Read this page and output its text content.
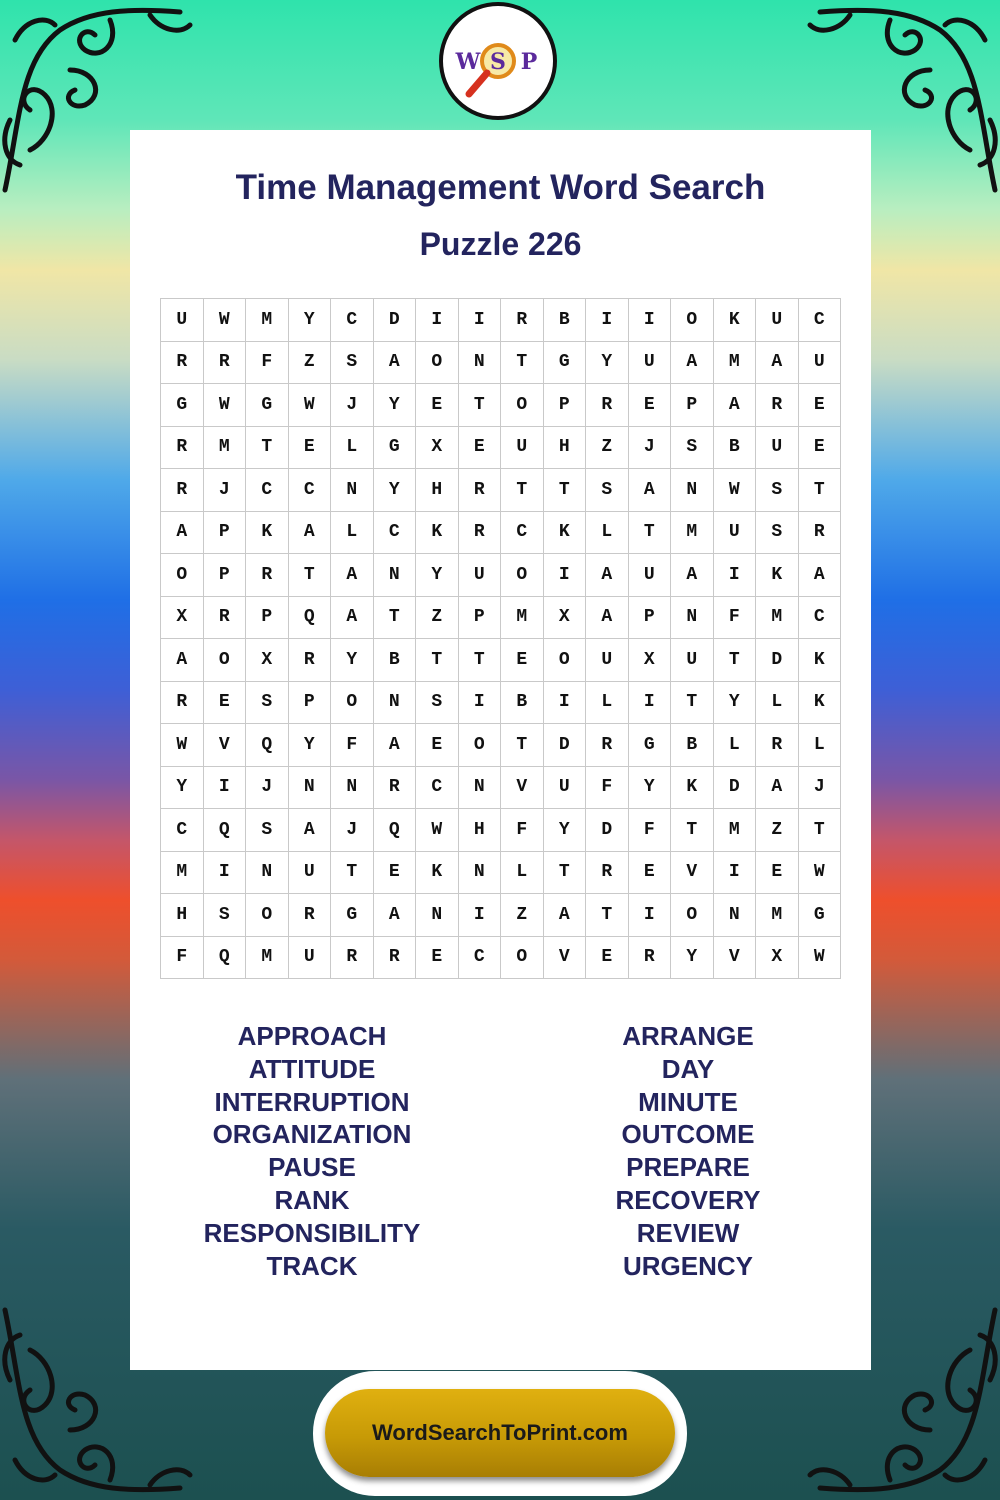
W S P
Time Management Word Search
Puzzle 226
U	W	M	Y	C	D	I	I	R	B	I	I	O	K	U	C
R	R	F	Z	S	A	O	N	T	G	Y	U	A	M	A	U
G	W	G	W	J	Y	E	T	O	P	R	E	P	A	R	E
R	M	T	E	L	G	X	E	U	H	Z	J	S	B	U	E
R	J	C	C	N	Y	H	R	T	T	S	A	N	W	S	T
A	P	K	A	L	C	K	R	C	K	L	T	M	U	S	R
O	P	R	T	A	N	Y	U	O	I	A	U	A	I	K	A
X	R	P	Q	A	T	Z	P	M	X	A	P	N	F	M	C
A	O	X	R	Y	B	T	T	E	O	U	X	U	T	D	K
R	E	S	P	O	N	S	I	B	I	L	I	T	Y	L	K
W	V	Q	Y	F	A	E	O	T	D	R	G	B	L	R	L
Y	I	J	N	N	R	C	N	V	U	F	Y	K	D	A	J
C	Q	S	A	J	Q	W	H	F	Y	D	F	T	M	Z	T
M	I	N	U	T	E	K	N	L	T	R	E	V	I	E	W
H	S	O	R	G	A	N	I	Z	A	T	I	O	N	M	G
F	Q	M	U	R	R	E	C	O	V	E	R	Y	V	X	W
APPROACH
ATTITUDE
INTERRUPTION
ORGANIZATION
PAUSE
RANK
RESPONSIBILITY
TRACK
ARRANGE
DAY
MINUTE
OUTCOME
PREPARE
RECOVERY
REVIEW
URGENCY
WordSearchToPrint.com
